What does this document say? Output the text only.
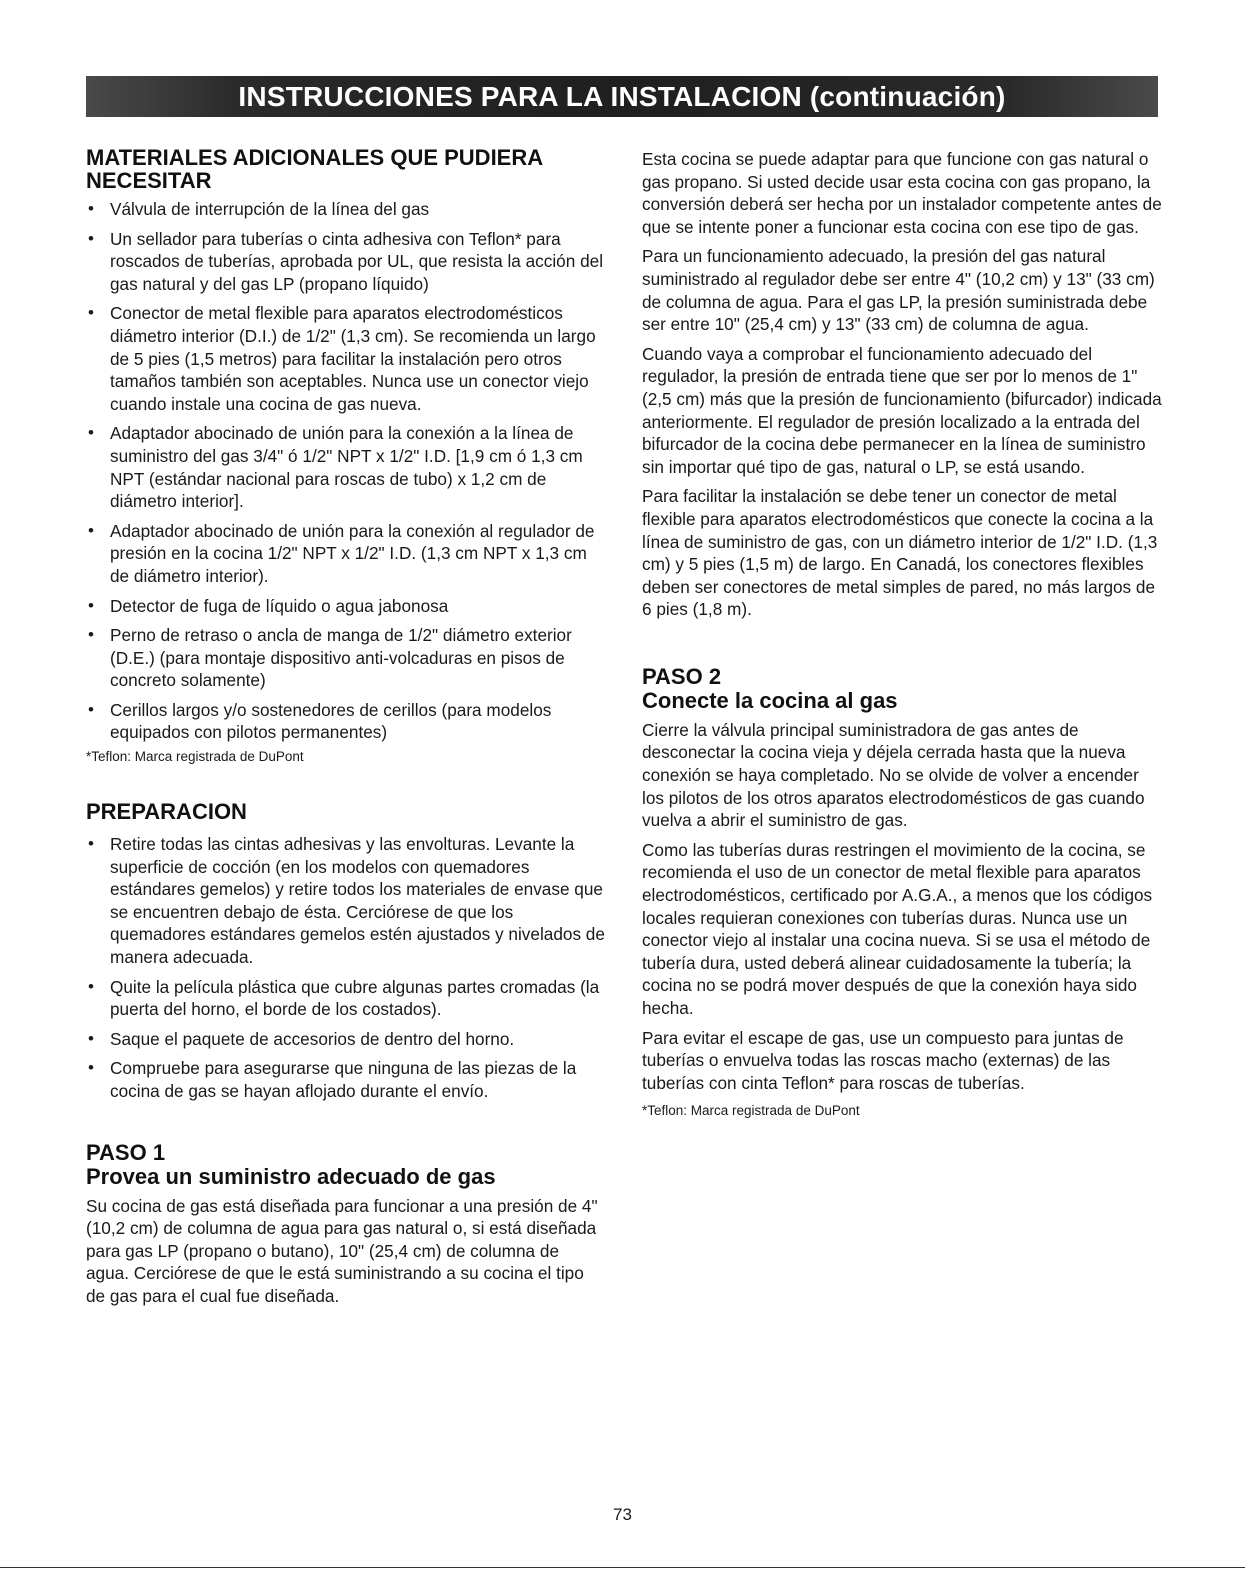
INSTRUCCIONES PARA LA INSTALACION (continuación)
MATERIALES ADICIONALES QUE PUDIERA NECESITAR
• Válvula de interrupción de la línea del gas
• Un sellador para tuberías o cinta adhesiva con Teflon* para roscados de tuberías, aprobada por UL, que resista la acción del gas natural y del gas LP (propano líquido)
• Conector de metal flexible para aparatos electrodomésticos diámetro interior (D.I.) de 1/2" (1,3 cm). Se recomienda un largo de 5 pies (1,5 metros) para facilitar la instalación pero otros tamaños también son aceptables. Nunca use un conector viejo cuando instale una cocina de gas nueva.
• Adaptador abocinado de unión para la conexión a la línea de suministro del gas 3/4" ó 1/2" NPT x 1/2" I.D. [1,9 cm ó 1,3 cm NPT (estándar nacional para roscas de tubo) x 1,2 cm de diámetro interior].
• Adaptador abocinado de unión para la conexión al regulador de presión en la cocina 1/2" NPT x 1/2" I.D. (1,3 cm NPT x 1,3 cm de diámetro interior).
• Detector de fuga de líquido o agua jabonosa
• Perno de retraso o ancla de manga de 1/2" diámetro exterior (D.E.) (para montaje dispositivo anti-volcaduras en pisos de concreto solamente)
• Cerillos largos y/o sostenedores de cerillos (para modelos equipados con pilotos permanentes)

*Teflon: Marca registrada de DuPont

PREPARACION
• Retire todas las cintas adhesivas y las envolturas. Levante la superficie de cocción (en los modelos con quemadores estándares gemelos) y retire todos los materiales de envase que se encuentren debajo de ésta. Cerciórese de que los quemadores estándares gemelos estén ajustados y nivelados de manera adecuada.
• Quite la película plástica que cubre algunas partes cromadas (la puerta del horno, el borde de los costados).
• Saque el paquete de accesorios de dentro del horno.
• Compruebe para asegurarse que ninguna de las piezas de la cocina de gas se hayan aflojado durante el envío.
PASO 1
Provea un suministro adecuado de gas

Su cocina de gas está diseñada para funcionar a una presión de 4" (10,2 cm) de columna de agua para gas natural o, si está diseñada para gas LP (propano o butano), 10" (25,4 cm) de columna de agua. Cerciórese de que le está suministrando a su cocina el tipo de gas para el cual fue diseñada.

Esta cocina se puede adaptar para que funcione con gas natural o gas propano. Si usted decide usar esta cocina con gas propano, la conversión deberá ser hecha por un instalador competente antes de que se intente poner a funcionar esta cocina con ese tipo de gas.

Para un funcionamiento adecuado, la presión del gas natural suministrado al regulador debe ser entre 4" (10,2 cm) y 13" (33 cm) de columna de agua. Para el gas LP, la presión suministrada debe ser entre 10" (25,4 cm) y 13" (33 cm) de columna de agua.

Cuando vaya a comprobar el funcionamiento adecuado del regulador, la presión de entrada tiene que ser por lo menos de 1" (2,5 cm) más que la presión de funcionamiento (bifurcador) indicada anteriormente. El regulador de presión localizado a la entrada del bifurcador de la cocina debe permanecer en la línea de suministro sin importar qué tipo de gas, natural o LP, se está usando.

Para facilitar la instalación se debe tener un conector de metal flexible para aparatos electrodomésticos que conecte la cocina a la línea de suministro de gas, con un diámetro interior de 1/2" I.D. (1,3 cm) y 5 pies (1,5 m) de largo. En Canadá, los conectores flexibles deben ser conectores de metal simples de pared, no más largos de 6 pies (1,8 m).

PASO 2
Conecte la cocina al gas

Cierre la válvula principal suministradora de gas antes de desconectar la cocina vieja y déjela cerrada hasta que la nueva conexión se haya completado. No se olvide de volver a encender los pilotos de los otros aparatos electrodomésticos de gas cuando vuelva a abrir el suministro de gas.

Como las tuberías duras restringen el movimiento de la cocina, se recomienda el uso de un conector de metal flexible para aparatos electrodomésticos, certificado por A.G.A., a menos que los códigos locales requieran conexiones con tuberías duras. Nunca use un conector viejo al instalar una cocina nueva. Si se usa el método de tubería dura, usted deberá alinear cuidadosamente la tubería; la cocina no se podrá mover después de que la conexión haya sido hecha.

Para evitar el escape de gas, use un compuesto para juntas de tuberías o envuelva todas las roscas macho (externas) de las tuberías con cinta Teflon* para roscas de tuberías.

*Teflon: Marca registrada de DuPont

73
